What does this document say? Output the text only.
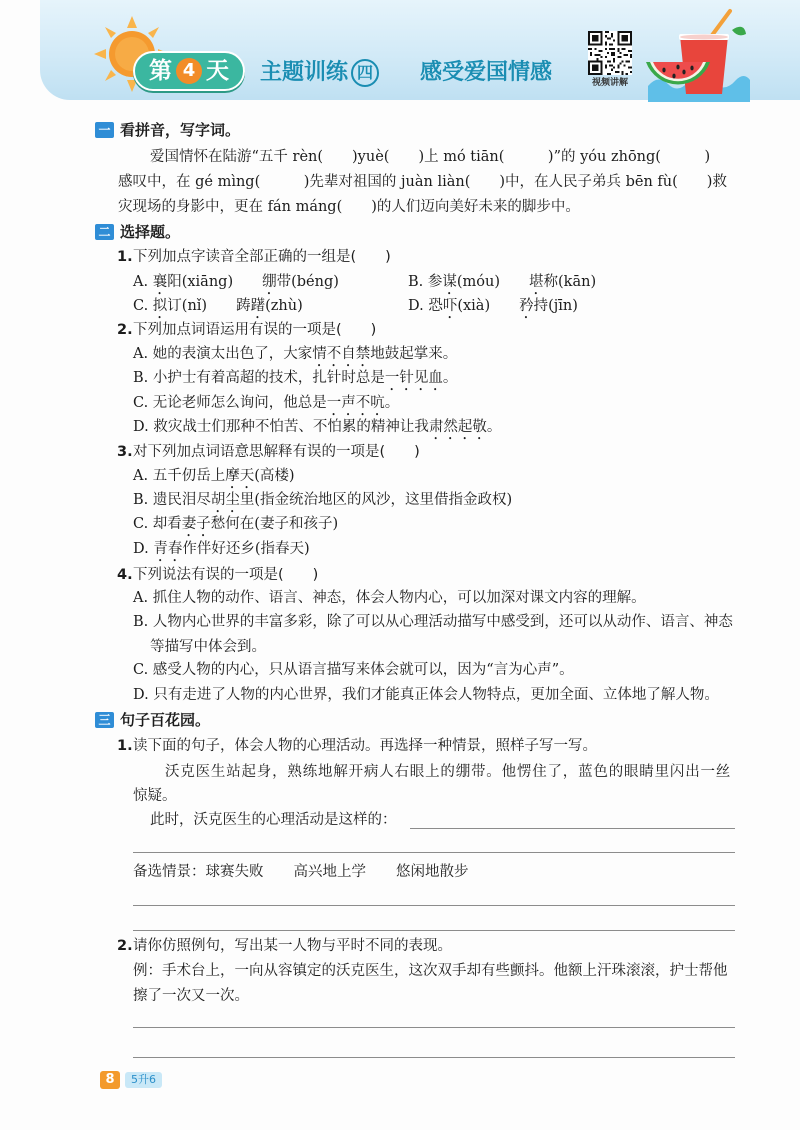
第 4 天 主题训练 四 感受爱国情感	视频讲解
一 看拼音，写字词。
爱国情怀在陆游“五千 rèn(　　)yuè(　　)上 mó tiān(　　　)”的 yóu zhōng(　　　)
感叹中，在 gé mìng(　　　)先辈对祖国的 juàn liàn(　　)中，在人民子弟兵 bēn fù(　　)救
灾现场的身影中，更在 fán máng(　　)的人们迈向美好未来的脚步中。
二 选择题。
1.下列加点字读音全部正确的一组是(　　)
A. 襄阳(xiāng)　　绷带(béng)	B. 参谋(móu)　　堪称(kān)
C. 拟订(nǐ)　　踌躇(zhù)	D. 恐吓(xià)　　矜持(jīn)
2.下列加点词语运用有误的一项是(　　)
A. 她的表演太出色了，大家情不自禁地鼓起掌来。
B. 小护士有着高超的技术，扎针时总是一针见血。
C. 无论老师怎么询问，他总是一声不吭。
D. 救灾战士们那种不怕苦、不怕累的精神让我肃然起敬。
3.对下列加点词语意思解释有误的一项是(　　)
A. 五千仞岳上摩天(高楼)
B. 遗民泪尽胡尘里(指金统治地区的风沙，这里借指金政权)
C. 却看妻子愁何在(妻子和孩子)
D. 青春作伴好还乡(指春天)
4.下列说法有误的一项是(　　)
A. 抓住人物的动作、语言、神态，体会人物内心，可以加深对课文内容的理解。
B. 人物内心世界的丰富多彩，除了可以从心理活动描写中感受到，还可以从动作、语言、神态
等描写中体会到。
C. 感受人物的内心，只从语言描写来体会就可以，因为“言为心声”。
D. 只有走进了人物的内心世界，我们才能真正体会人物特点，更加全面、立体地了解人物。
三 句子百花园。
1.读下面的句子，体会人物的心理活动。再选择一种情景，照样子写一写。
沃克医生站起身，熟练地解开病人右眼上的绷带。他愣住了，蓝色的眼睛里闪出一丝
惊疑。
此时，沃克医生的心理活动是这样的：
备选情景：球赛失败 高兴地上学 悠闲地散步
2.请你仿照例句，写出某一人物与平时不同的表现。
例：手术台上，一向从容镇定的沃克医生，这次双手却有些颤抖。他额上汗珠滚滚，护士帮他
擦了一次又一次。
8	5升6
